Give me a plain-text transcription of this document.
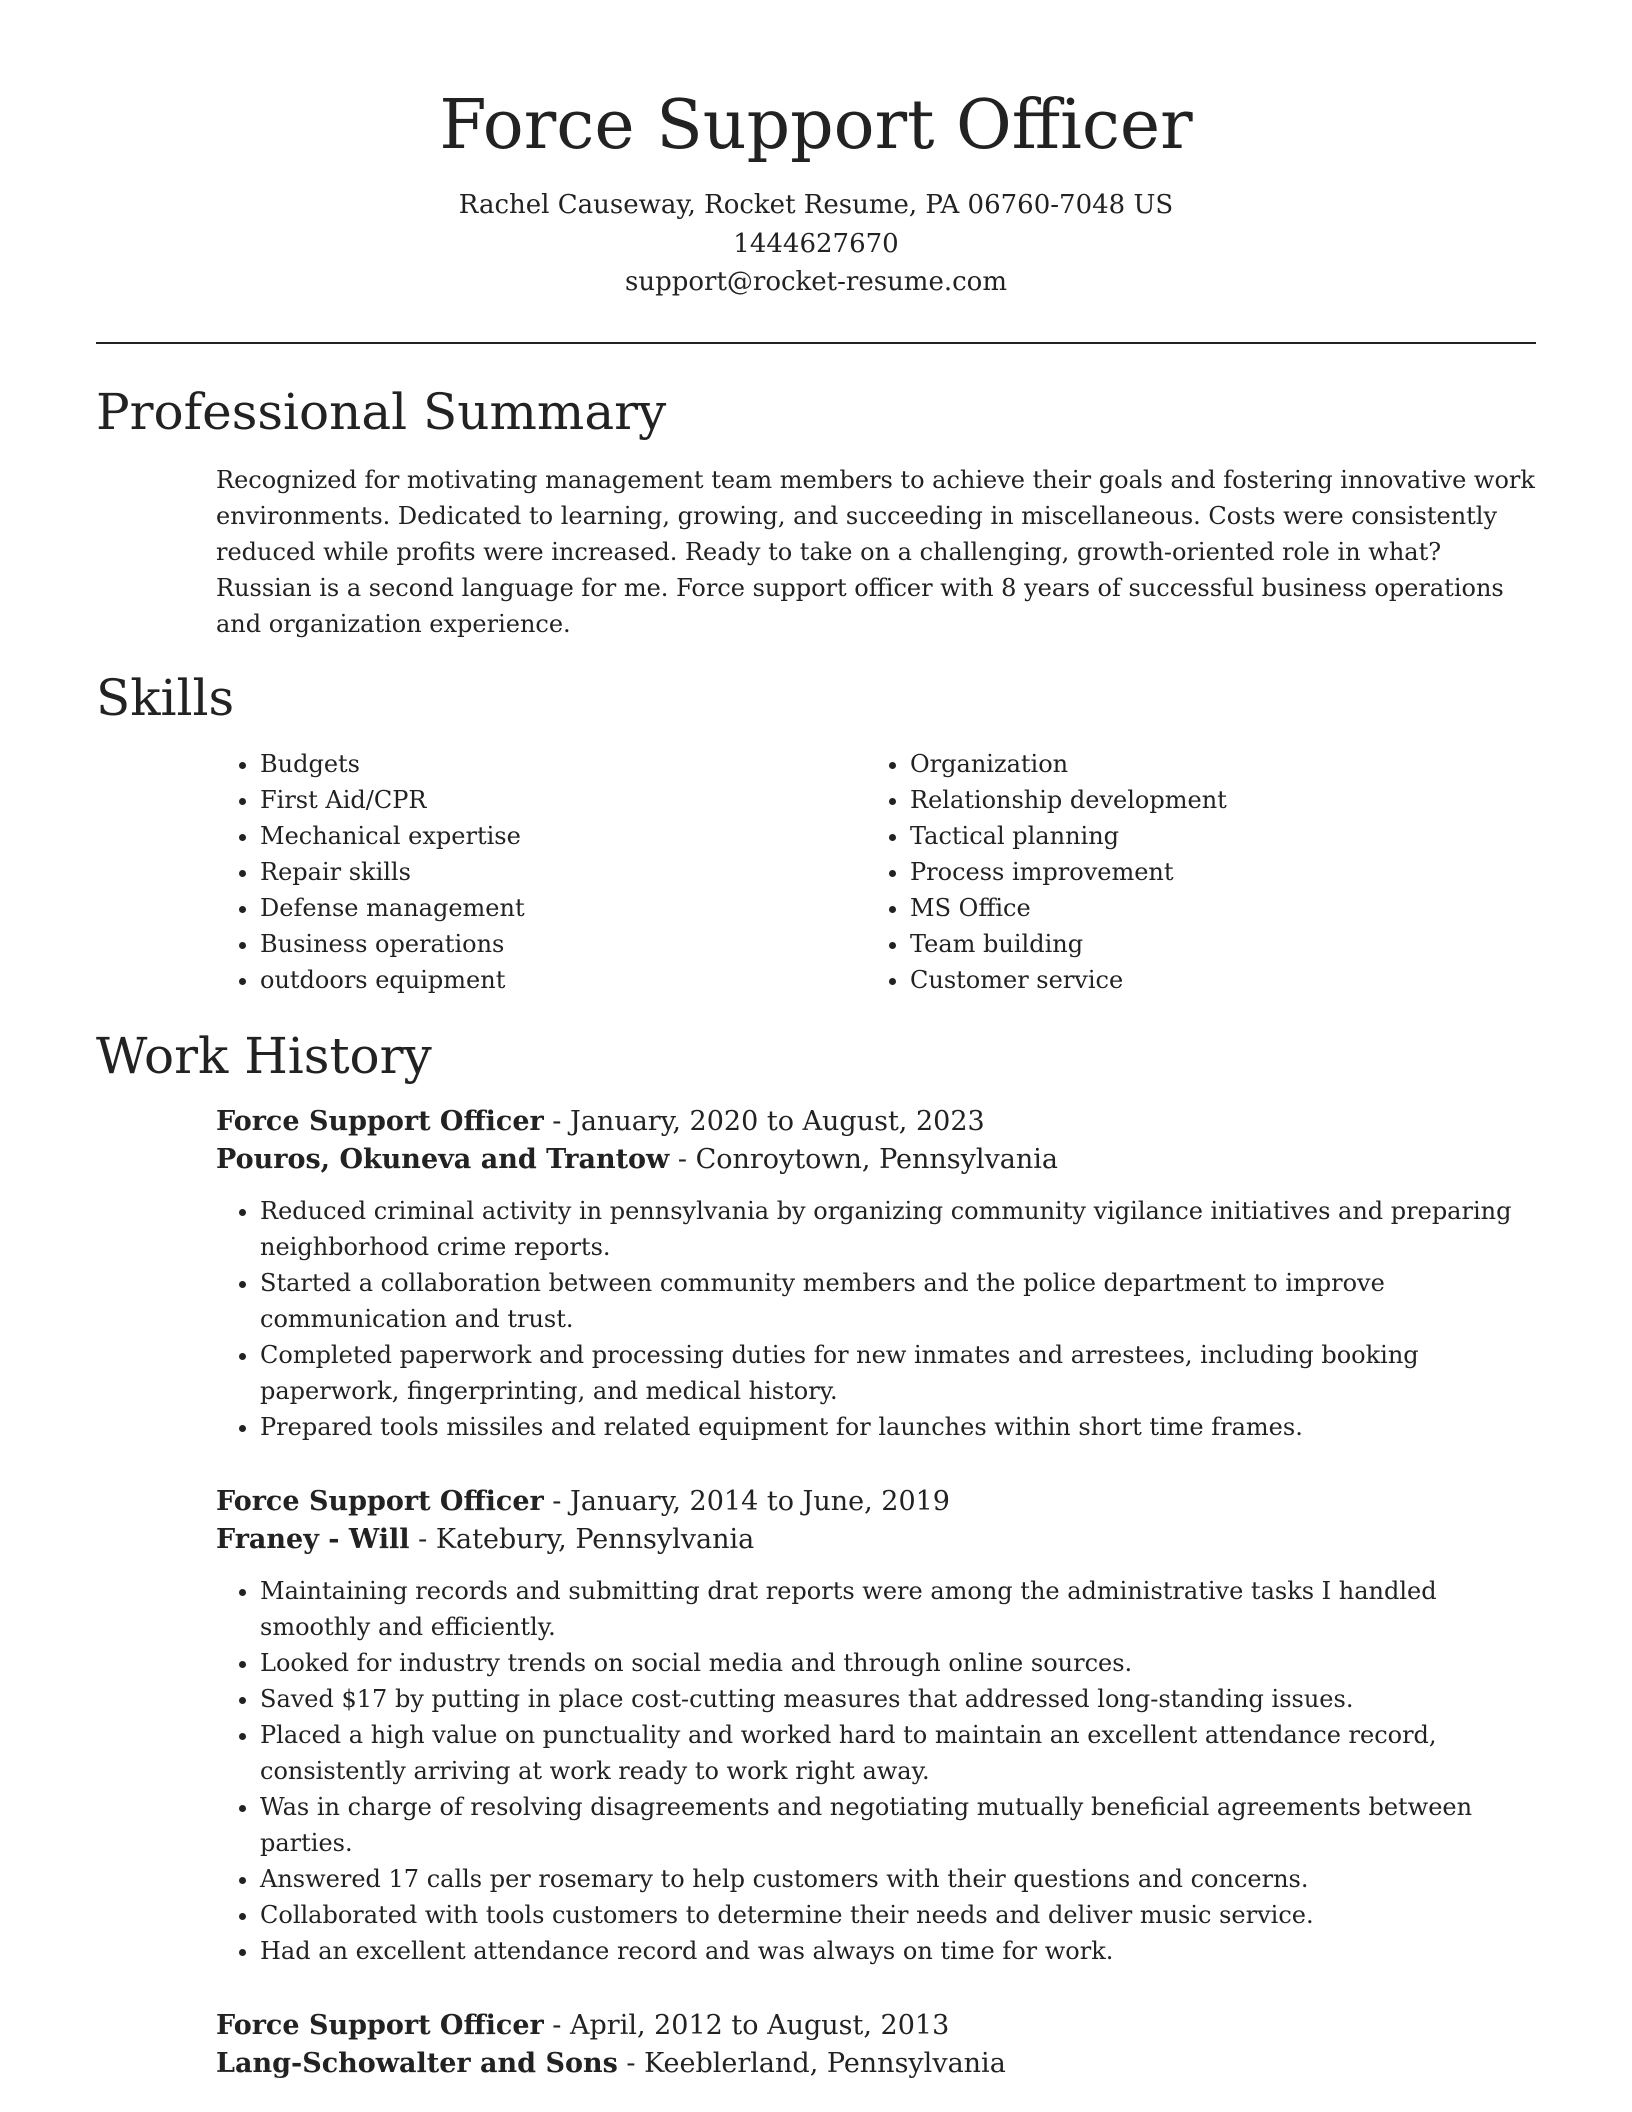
Force Support Officer
Rachel Causeway, Rocket Resume, PA 06760-7048 US
1444627670
support@rocket-resume.com
Professional Summary

Recognized for motivating management team members to achieve their goals and fostering innovative work environments. Dedicated to learning, growing, and succeeding in miscellaneous. Costs were consistently reduced while profits were increased. Ready to take on a challenging, growth-oriented role in what? Russian is a second language for me. Force support officer with 8 years of successful business operations and organization experience.

Skills
• Budgets
• First Aid/CPR
• Mechanical expertise
• Repair skills
• Defense management
• Business operations
• outdoors equipment
• Organization
• Relationship development
• Tactical planning
• Process improvement
• MS Office
• Team building
• Customer service
Work History
Force Support Officer - January, 2020 to August, 2023
Pouros, Okuneva and Trantow - Conroytown, Pennsylvania
• Reduced criminal activity in pennsylvania by organizing community vigilance initiatives and preparing neighborhood crime reports.
• Started a collaboration between community members and the police department to improve communication and trust.
• Completed paperwork and processing duties for new inmates and arrestees, including booking paperwork, fingerprinting, and medical history.
• Prepared tools missiles and related equipment for launches within short time frames.
Force Support Officer - January, 2014 to June, 2019
Franey - Will - Katebury, Pennsylvania
• Maintaining records and submitting drat reports were among the administrative tasks I handled smoothly and efficiently.
• Looked for industry trends on social media and through online sources.
• Saved $17 by putting in place cost-cutting measures that addressed long-standing issues.
• Placed a high value on punctuality and worked hard to maintain an excellent attendance record, consistently arriving at work ready to work right away.
• Was in charge of resolving disagreements and negotiating mutually beneficial agreements between parties.
• Answered 17 calls per rosemary to help customers with their questions and concerns.
• Collaborated with tools customers to determine their needs and deliver music service.
• Had an excellent attendance record and was always on time for work.
Force Support Officer - April, 2012 to August, 2013
Lang-Schowalter and Sons - Keeblerland, Pennsylvania
